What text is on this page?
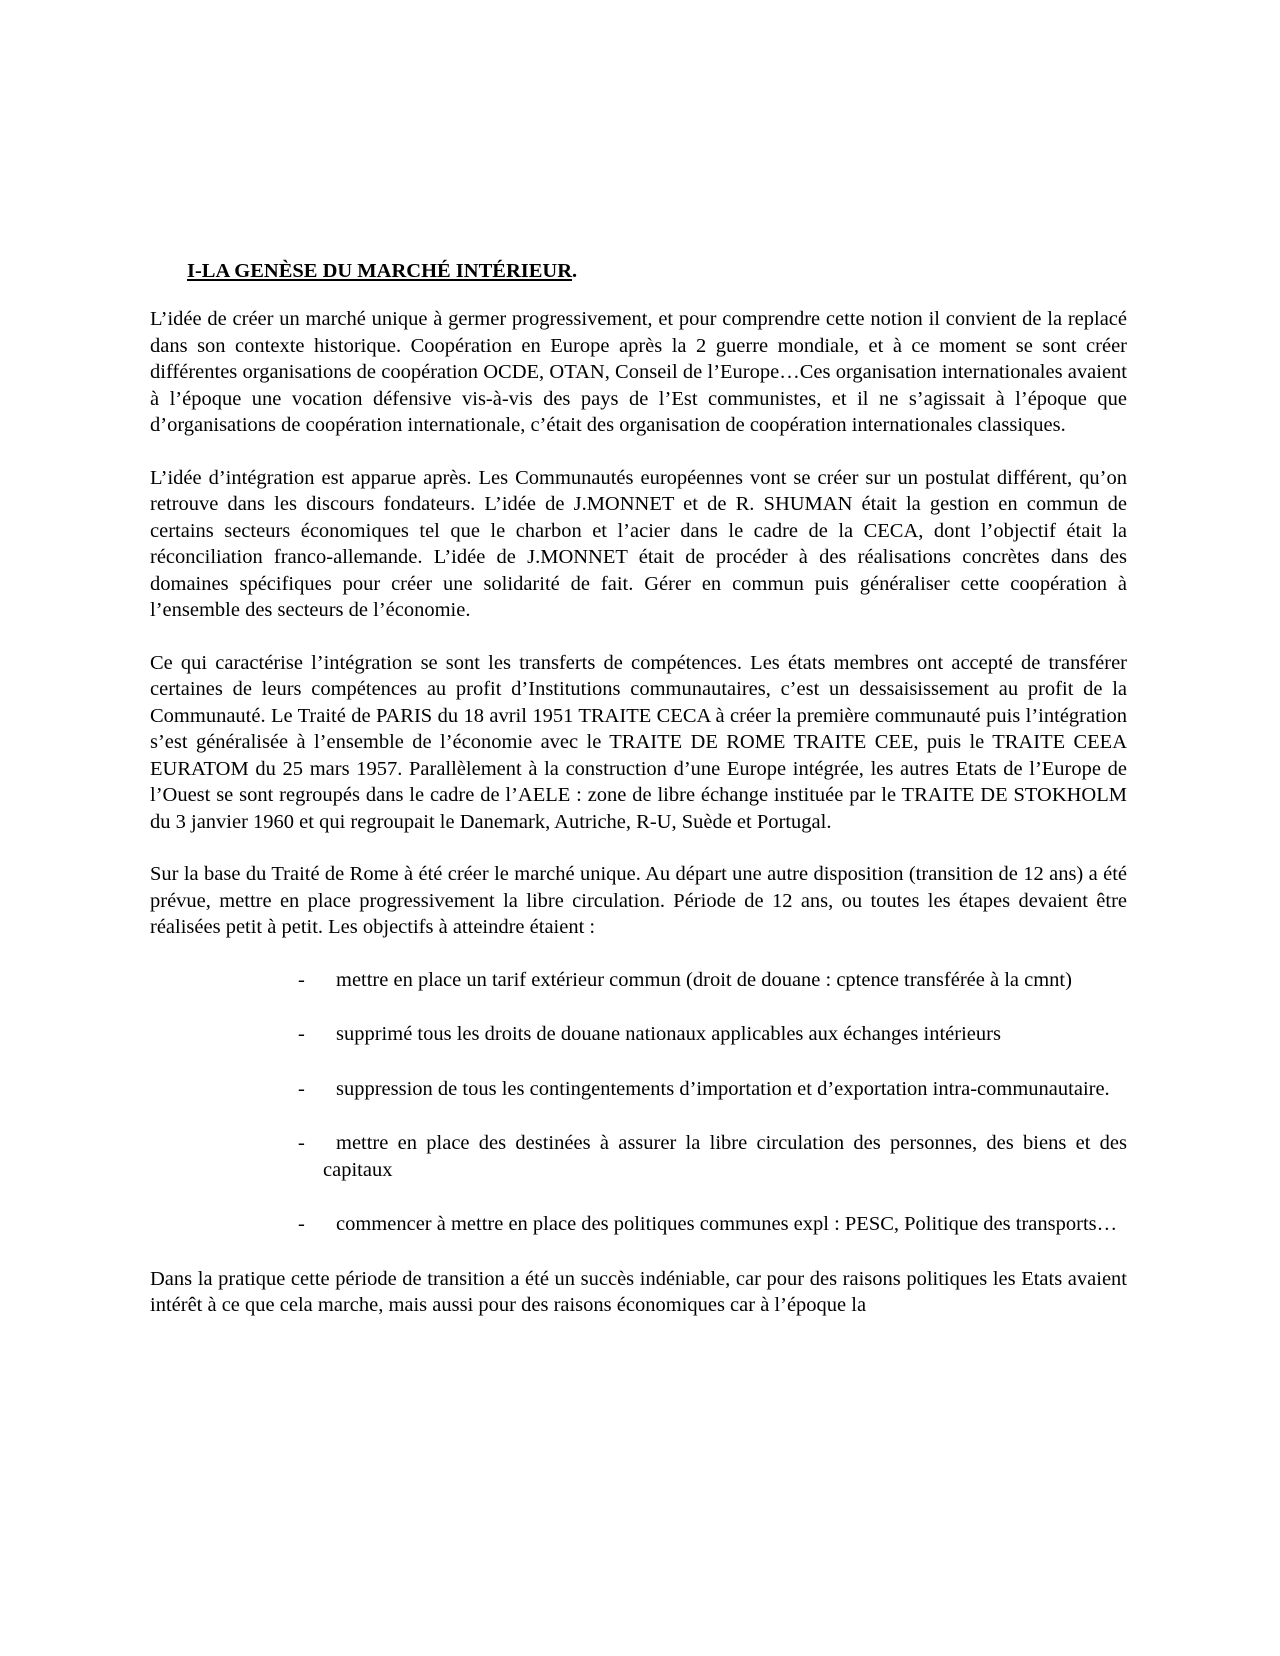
I-LA GENÈSE DU MARCHÉ INTÉRIEUR.

L’idée de créer un marché unique à germer progressivement, et pour comprendre cette notion il convient de la replacé dans son contexte historique. Coopération en Europe après la 2 guerre mondiale, et à ce moment se sont créer différentes organisations de coopération OCDE, OTAN, Conseil de l’Europe…Ces organisation internationales avaient à l’époque une vocation défensive vis-à-vis des pays de l’Est communistes, et il ne s’agissait à l’époque que d’organisations de coopération internationale, c’était des organisation de coopération internationales classiques.

L’idée d’intégration est apparue après. Les Communautés européennes vont se créer sur un postulat différent, qu’on retrouve dans les discours fondateurs. L’idée de J.MONNET et de R. SHUMAN était la gestion en commun de certains secteurs économiques tel que le charbon et l’acier dans le cadre de la CECA, dont l’objectif était la réconciliation franco-allemande. L’idée de J.MONNET était de procéder à des réalisations concrètes dans des domaines spécifiques pour créer une solidarité de fait. Gérer en commun puis généraliser cette coopération à l’ensemble des secteurs de l’économie.

Ce qui caractérise l’intégration se sont les transferts de compétences. Les états membres ont accepté de transférer certaines de leurs compétences au profit d’Institutions communautaires, c’est un dessaisissement au profit de la Communauté. Le Traité de PARIS du 18 avril 1951 TRAITE CECA à créer la première communauté puis l’intégration s’est généralisée à l’ensemble de l’économie avec le TRAITE DE ROME TRAITE CEE, puis le TRAITE CEEA EURATOM du 25 mars 1957. Parallèlement à la construction d’une Europe intégrée, les autres Etats de l’Europe de l’Ouest se sont regroupés dans le cadre de l’AELE : zone de libre échange instituée par le TRAITE DE STOKHOLM du 3 janvier 1960 et qui regroupait le Danemark, Autriche, R-U, Suède et Portugal.

Sur la base du Traité de Rome à été créer le marché unique. Au départ une autre disposition (transition de 12 ans) a été prévue, mettre en place progressivement la libre circulation. Période de 12 ans, ou toutes les étapes devaient être réalisées petit à petit. Les objectifs à atteindre étaient :

-	mettre en place un tarif extérieur commun (droit de douane : cptence transférée à la cmnt)
-	supprimé tous les droits de douane nationaux applicables aux échanges intérieurs
-	suppression de tous les contingentements d’importation et d’exportation intra-communautaire.
-	mettre en place des destinées à assurer la libre circulation des personnes, des biens et des capitaux
-	commencer à mettre en place des politiques communes expl : PESC, Politique des transports…

Dans la pratique cette période de transition a été un succès indéniable, car pour des raisons politiques les Etats avaient intérêt à ce que cela marche, mais aussi pour des raisons économiques car à l’époque la
